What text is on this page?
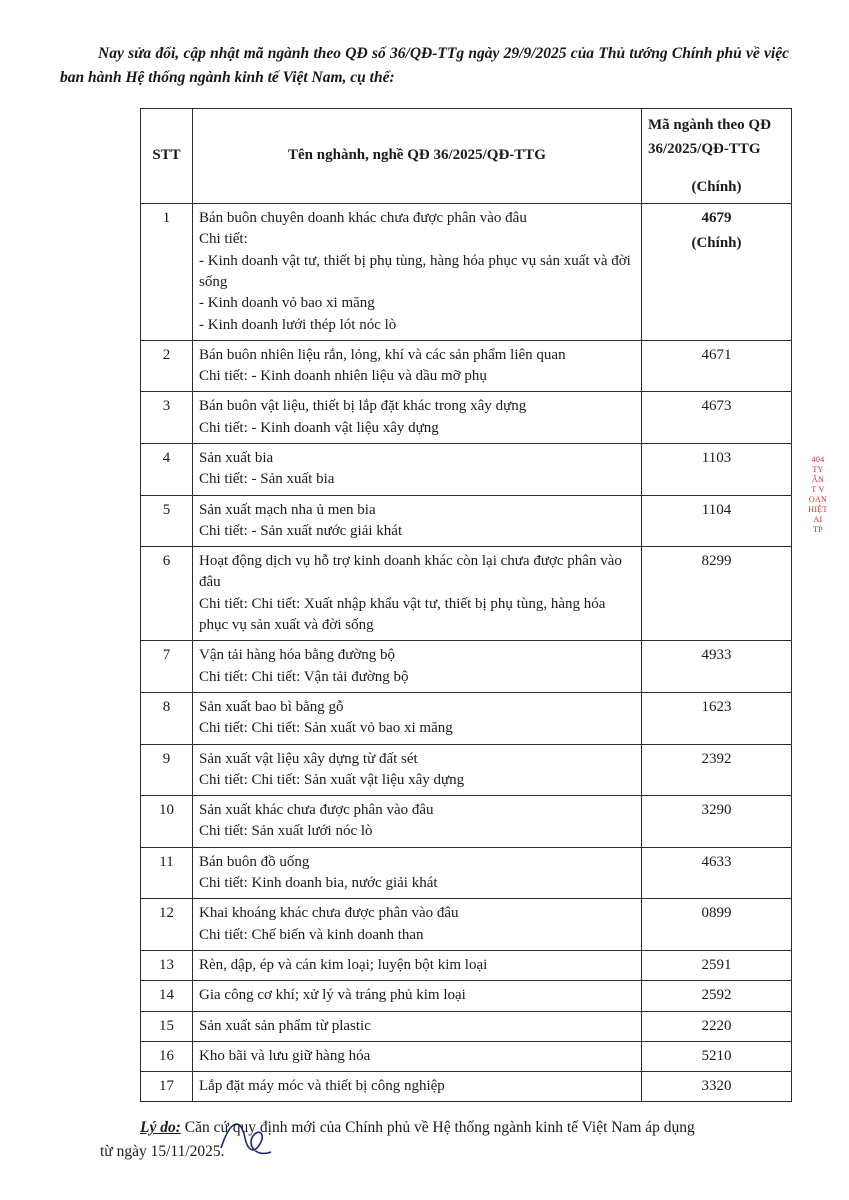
Nay sửa đổi, cập nhật mã ngành theo QĐ số 36/QĐ-TTg ngày 29/9/2025 của Thủ tướng Chính phủ về việc ban hành Hệ thống ngành kinh tế Việt Nam, cụ thể:

STT	Tên nghành, nghề QĐ 36/2025/QĐ-TTG	Mã ngành theo QĐ 36/2025/QĐ-TTG
(Chính)

1	Bán buôn chuyên doanh khác chưa được phân vào đâu
Chi tiết:
- Kinh doanh vật tư, thiết bị phụ tùng, hàng hóa phục vụ sản xuất và đời sống
- Kinh doanh vỏ bao xi măng
- Kinh doanh lưới thép lót nóc lò	4679
(Chính)

2	Bán buôn nhiên liệu rắn, lỏng, khí và các sản phẩm liên quan
Chi tiết: - Kinh doanh nhiên liệu và dầu mỡ phụ	4671
3	Bán buôn vật liệu, thiết bị lắp đặt khác trong xây dựng
Chi tiết: - Kinh doanh vật liệu xây dựng	4673
4	Sản xuất bia
Chi tiết: - Sản xuất bia	1103
5	Sản xuất mạch nha ủ men bia
Chi tiết: - Sản xuất nước giải khát	1104
6	Hoạt động dịch vụ hỗ trợ kinh doanh khác còn lại chưa được phân vào đâu
Chi tiết: Chi tiết: Xuất nhập khẩu vật tư, thiết bị phụ tùng, hàng hóa phục vụ sản xuất và đời sống	8299
7	Vận tải hàng hóa bằng đường bộ
Chi tiết: Chi tiết: Vận tải đường bộ	4933
8	Sản xuất bao bì bằng gỗ
Chi tiết: Chi tiết: Sản xuất vỏ bao xi măng	1623
9	Sản xuất vật liệu xây dựng từ đất sét
Chi tiết: Chi tiết: Sản xuất vật liệu xây dựng	2392
10	Sản xuất khác chưa được phân vào đâu
Chi tiết: Sản xuất lưới nóc lò	3290
11	Bán buôn đồ uống
Chi tiết: Kinh doanh bia, nước giải khát	4633
12	Khai khoáng khác chưa được phân vào đâu
Chi tiết: Chế biến và kinh doanh than	0899
13	Rèn, dập, ép và cán kim loại; luyện bột kim loại	2591
14	Gia công cơ khí; xử lý và tráng phủ kim loại	2592
15	Sản xuất sản phẩm từ plastic	2220
16	Kho bãi và lưu giữ hàng hóa	5210
17	Lắp đặt máy móc và thiết bị công nghiệp	3320

Lý do: Căn cứ quy định mới của Chính phủ về Hệ thống ngành kinh tế Việt Nam áp dụng
từ ngày 15/11/2025.

404
TY
ẨN
T V
OAN
HIỆT
AI
TP
